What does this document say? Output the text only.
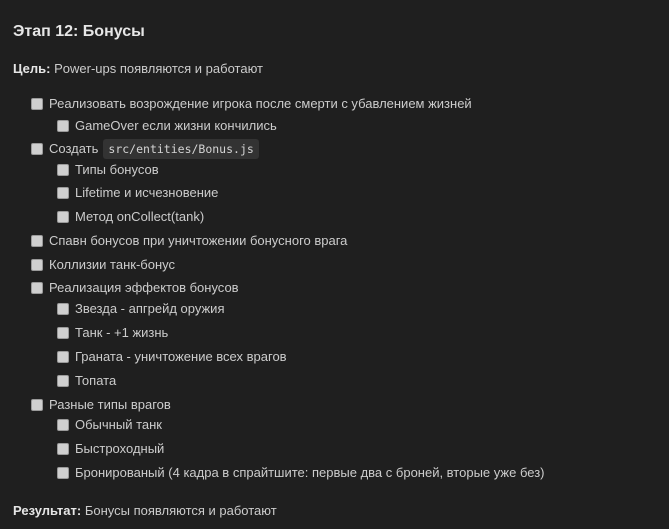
Этап 12: Бонусы

Цель: Power-ups появляются и работают

Реализовать возрождение игрока после смерти с убавлением жизней
GameOver если жизни кончились
Создать src/entities/Bonus.js
Типы бонусов
Lifetime и исчезновение
Метод onCollect(tank)
Спавн бонусов при уничтожении бонусного врага
Коллизии танк-бонус
Реализация эффектов бонусов
Звезда - апгрейд оружия
Танк - +1 жизнь
Граната - уничтожение всех врагов
Топата
Разные типы врагов
Обычный танк
Быстроходный
Бронированый (4 кадра в спрайтшите: первые два с броней, вторые уже без)

Результат: Бонусы появляются и работают
